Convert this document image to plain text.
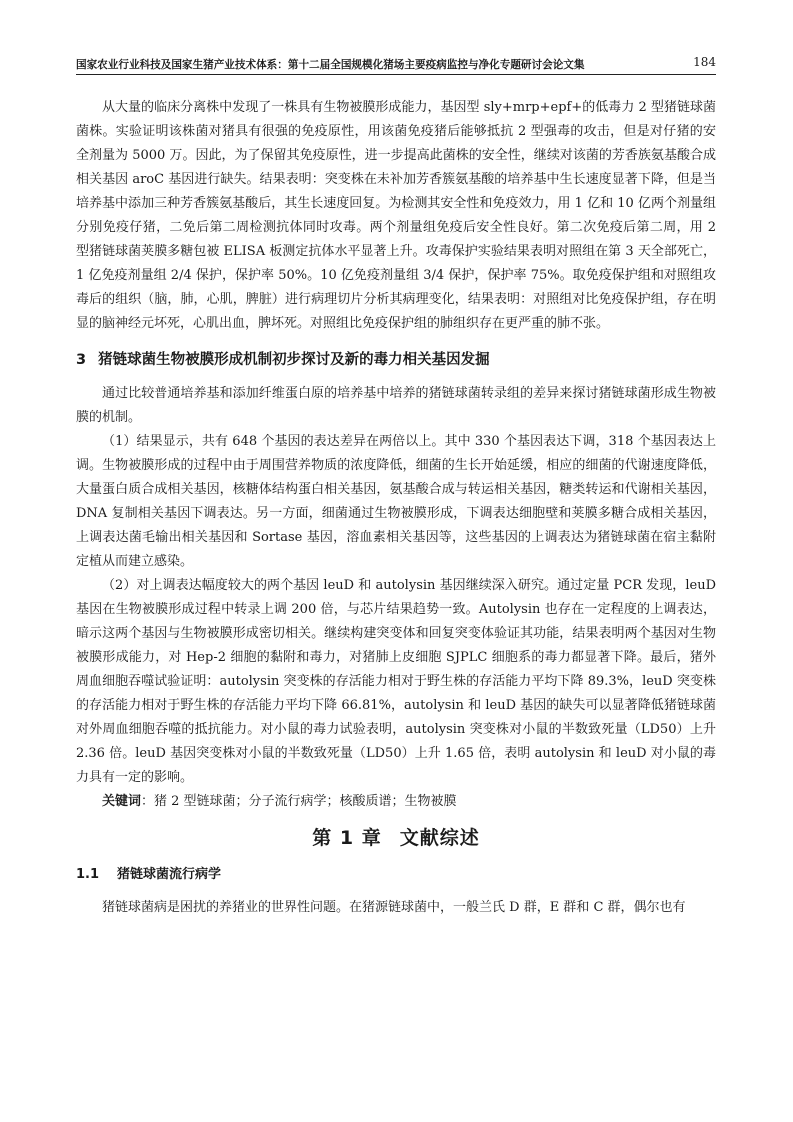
国家农业行业科技及国家生猪产业技术体系：第十二届全国规模化猪场主要疫病监控与净化专题研讨会论文集	184

从大量的临床分离株中发现了一株具有生物被膜形成能力，基因型 sly+mrp+epf+的低毒力 2 型猪链球菌菌株。实验证明该株菌对猪具有很强的免疫原性，用该菌免疫猪后能够抵抗 2 型强毒的攻击，但是对仔猪的安全剂量为 5000 万。因此，为了保留其免疫原性，进一步提高此菌株的安全性，继续对该菌的芳香族氨基酸合成相关基因 aroC 基因进行缺失。结果表明：突变株在未补加芳香簇氨基酸的培养基中生长速度显著下降，但是当培养基中添加三种芳香簇氨基酸后，其生长速度回复。为检测其安全性和免疫效力，用 1 亿和 10 亿两个剂量组分别免疫仔猪，二免后第二周检测抗体同时攻毒。两个剂量组免疫后安全性良好。第二次免疫后第二周，用 2 型猪链球菌荚膜多糖包被 ELISA 板测定抗体水平显著上升。攻毒保护实验结果表明对照组在第 3 天全部死亡，1 亿免疫剂量组 2/4 保护，保护率 50%。10 亿免疫剂量组 3/4 保护，保护率 75%。取免疫保护组和对照组攻毒后的组织（脑，肺，心肌，脾脏）进行病理切片分析其病理变化，结果表明：对照组对比免疫保护组，存在明显的脑神经元坏死，心肌出血，脾坏死。对照组比免疫保护组的肺组织存在更严重的肺不张。

3 猪链球菌生物被膜形成机制初步探讨及新的毒力相关基因发掘

通过比较普通培养基和添加纤维蛋白原的培养基中培养的猪链球菌转录组的差异来探讨猪链球菌形成生物被膜的机制。

（1）结果显示，共有 648 个基因的表达差异在两倍以上。其中 330 个基因表达下调，318 个基因表达上调。生物被膜形成的过程中由于周围营养物质的浓度降低，细菌的生长开始延缓，相应的细菌的代谢速度降低，大量蛋白质合成相关基因，核糖体结构蛋白相关基因，氨基酸合成与转运相关基因，糖类转运和代谢相关基因，DNA 复制相关基因下调表达。另一方面，细菌通过生物被膜形成，下调表达细胞壁和荚膜多糖合成相关基因，上调表达菌毛输出相关基因和 Sortase 基因，溶血素相关基因等，这些基因的上调表达为猪链球菌在宿主黏附定植从而建立感染。

（2）对上调表达幅度较大的两个基因 leuD 和 autolysin 基因继续深入研究。通过定量 PCR 发现，leuD 基因在生物被膜形成过程中转录上调 200 倍，与芯片结果趋势一致。Autolysin 也存在一定程度的上调表达，暗示这两个基因与生物被膜形成密切相关。继续构建突变体和回复突变体验证其功能，结果表明两个基因对生物被膜形成能力，对 Hep-2 细胞的黏附和毒力，对猪肺上皮细胞 SJPLC 细胞系的毒力都显著下降。最后，猪外周血细胞吞噬试验证明：autolysin 突变株的存活能力相对于野生株的存活能力平均下降 89.3%，leuD 突变株的存活能力相对于野生株的存活能力平均下降 66.81%，autolysin 和 leuD 基因的缺失可以显著降低猪链球菌对外周血细胞吞噬的抵抗能力。对小鼠的毒力试验表明，autolysin 突变株对小鼠的半数致死量（LD50）上升 2.36 倍。leuD 基因突变株对小鼠的半数致死量（LD50）上升 1.65 倍，表明 autolysin 和 leuD 对小鼠的毒力具有一定的影响。

关键词：猪 2 型链球菌；分子流行病学；核酸质谱；生物被膜

第 1 章 文献综述
1.1 猪链球菌流行病学

猪链球菌病是困扰的养猪业的世界性问题。在猪源链球菌中，一般兰氏 D 群，E 群和 C 群，偶尔也有
